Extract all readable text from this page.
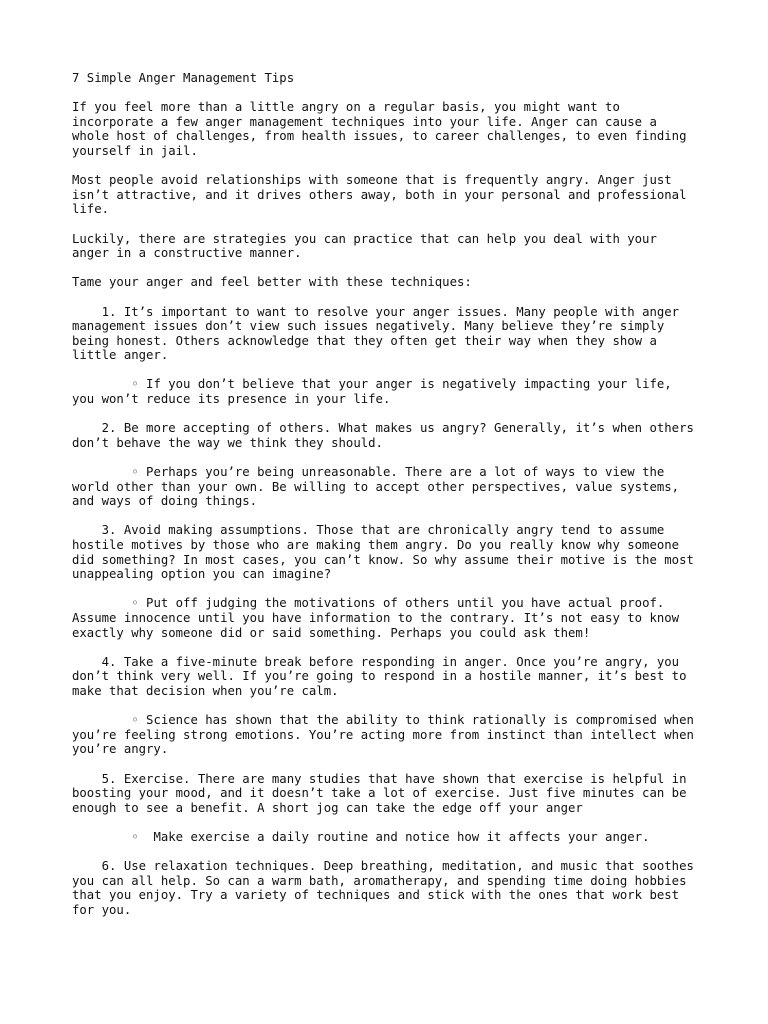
7 Simple Anger Management Tips

If you feel more than a little angry on a regular basis, you might want to incorporate a few anger management techniques into your life. Anger can cause a whole host of challenges, from health issues, to career challenges, to even finding yourself in jail.

Most people avoid relationships with someone that is frequently angry. Anger just isn’t attractive, and it drives others away, both in your personal and professional life.

Luckily, there are strategies you can practice that can help you deal with your anger in a constructive manner.

Tame your anger and feel better with these techniques:

1. It’s important to want to resolve your anger issues. Many people with anger management issues don’t view such issues negatively. Many believe they’re simply being honest. Others acknowledge that they often get their way when they show a little anger.

◦ If you don’t believe that your anger is negatively impacting your life, you won’t reduce its presence in your life.

2. Be more accepting of others. What makes us angry? Generally, it’s when others don’t behave the way we think they should.

◦ Perhaps you’re being unreasonable. There are a lot of ways to view the world other than your own. Be willing to accept other perspectives, value systems, and ways of doing things.

3. Avoid making assumptions. Those that are chronically angry tend to assume hostile motives by those who are making them angry. Do you really know why someone did something? In most cases, you can’t know. So why assume their motive is the most unappealing option you can imagine?

◦ Put off judging the motivations of others until you have actual proof. Assume innocence until you have information to the contrary. It’s not easy to know exactly why someone did or said something. Perhaps you could ask them!

4. Take a five-minute break before responding in anger. Once you’re angry, you don’t think very well. If you’re going to respond in a hostile manner, it’s best to make that decision when you’re calm.

◦ Science has shown that the ability to think rationally is compromised when you’re feeling strong emotions. You’re acting more from instinct than intellect when you’re angry.

5. Exercise. There are many studies that have shown that exercise is helpful in boosting your mood, and it doesn’t take a lot of exercise. Just five minutes can be enough to see a benefit. A short jog can take the edge off your anger

◦  Make exercise a daily routine and notice how it affects your anger.

6. Use relaxation techniques. Deep breathing, meditation, and music that soothes you can all help. So can a warm bath, aromatherapy, and spending time doing hobbies that you enjoy. Try a variety of techniques and stick with the ones that work best for you.
